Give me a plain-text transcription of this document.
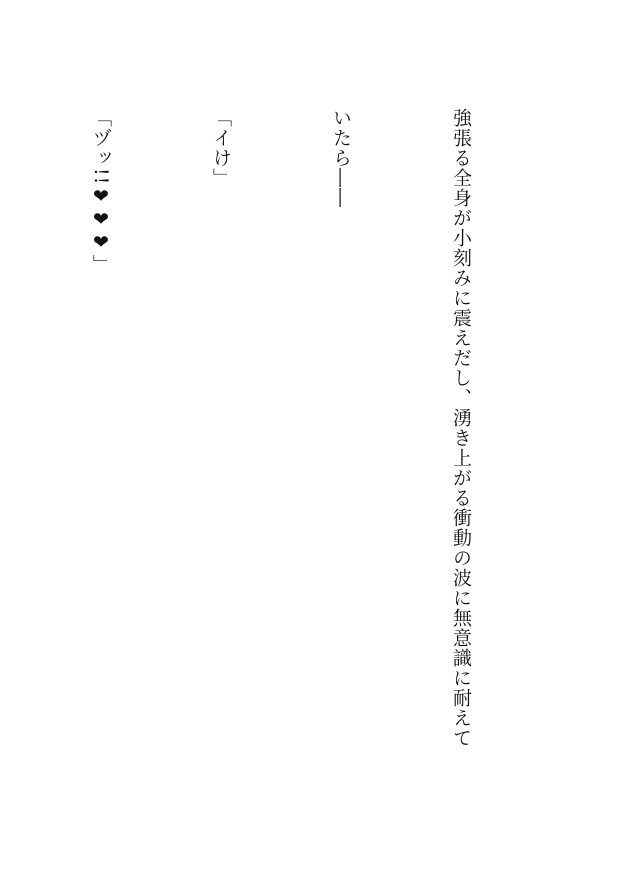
強張る全身が小刻みに震えだし、湧き上がる衝動の波に無意識に耐えて

いたら――

「イけ」

「ヅッ!!❤❤❤」
